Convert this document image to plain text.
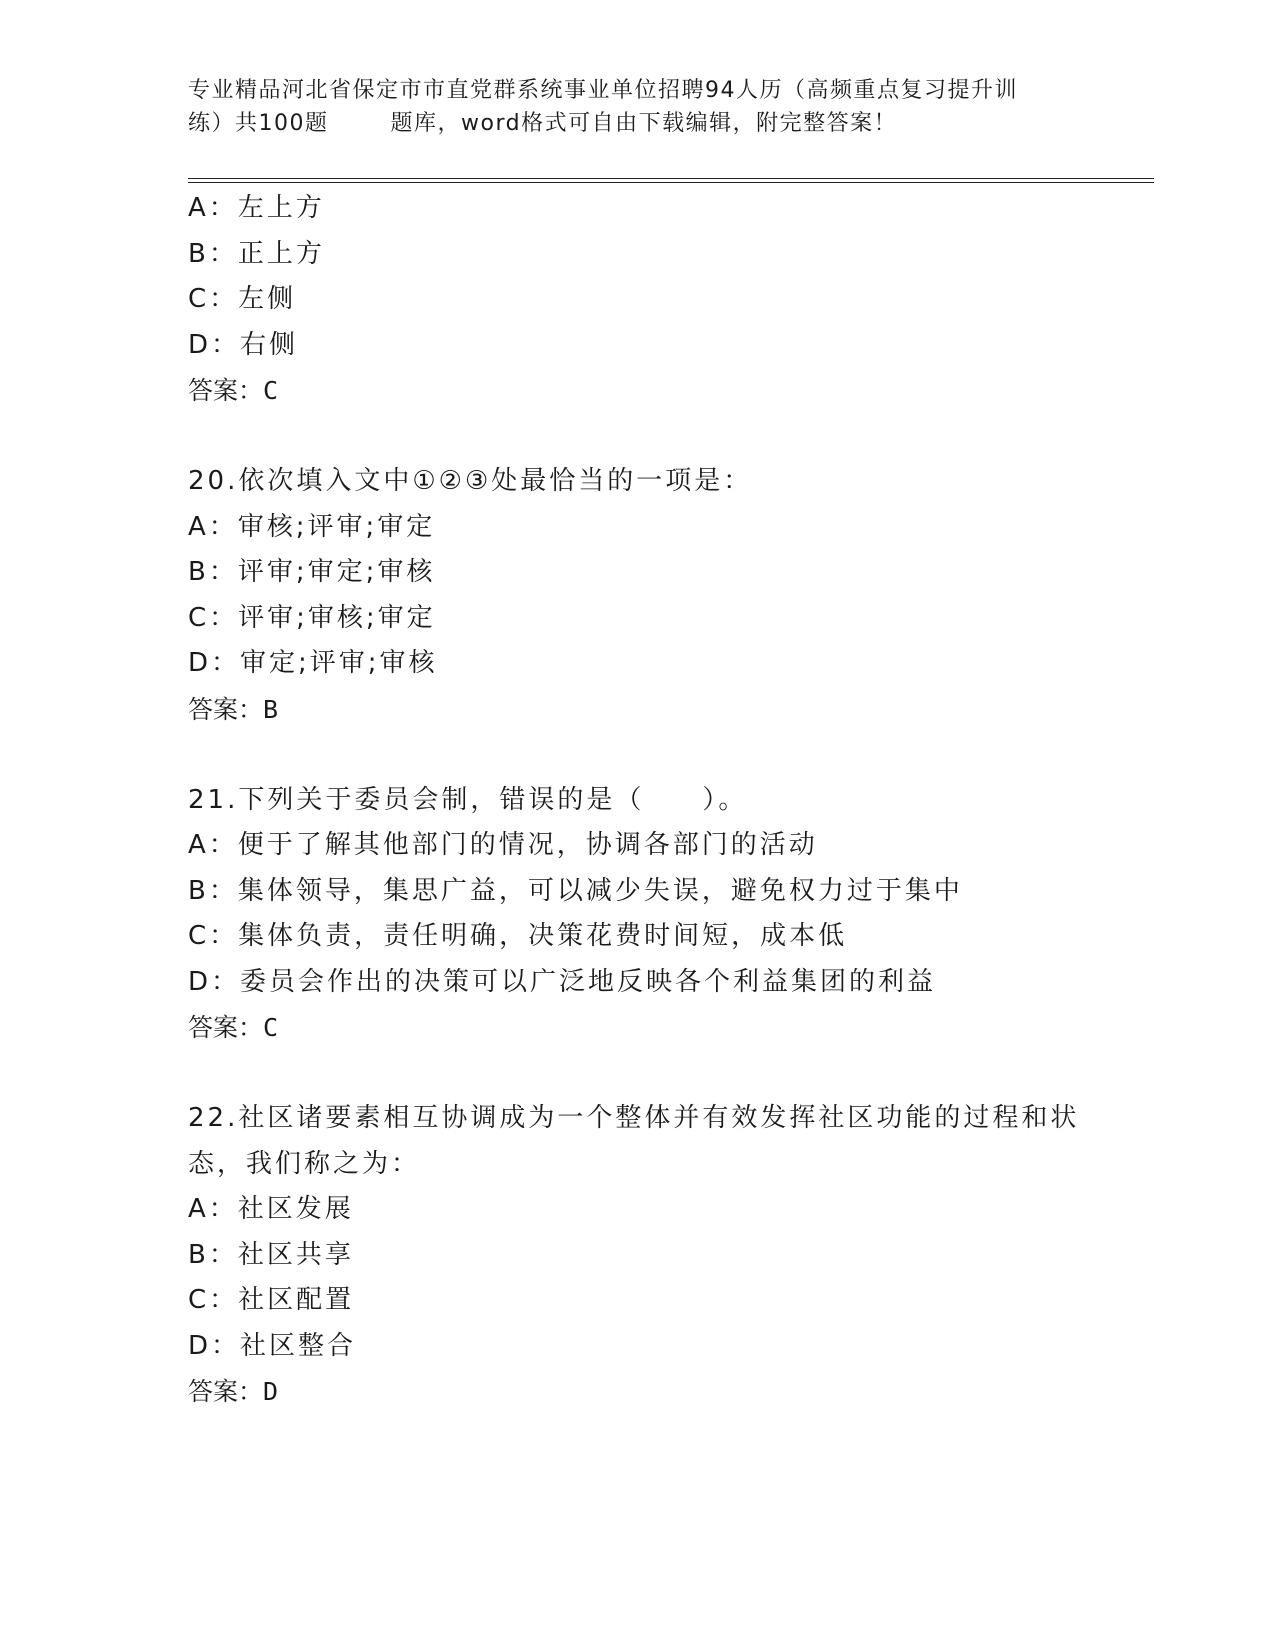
专业精品河北省保定市市直党群系统事业单位招聘94人历（高频重点复习提升训
练）共100题	题库，word格式可自由下载编辑，附完整答案！
A：左上方
B：正上方
C：左侧
D：右侧
答案：C
20.依次填入文中①②③处最恰当的一项是：
A：审核;评审;审定
B：评审;审定;审核
C：评审;审核;审定
D：审定;评审;审核
答案：B
21.下列关于委员会制，错误的是（　　）。
A：便于了解其他部门的情况，协调各部门的活动
B：集体领导，集思广益，可以减少失误，避免权力过于集中
C：集体负责，责任明确，决策花费时间短，成本低
D：委员会作出的决策可以广泛地反映各个利益集团的利益
答案：C
22.社区诸要素相互协调成为一个整体并有效发挥社区功能的过程和状
态，我们称之为：
A：社区发展
B：社区共享
C：社区配置
D：社区整合
答案：D
